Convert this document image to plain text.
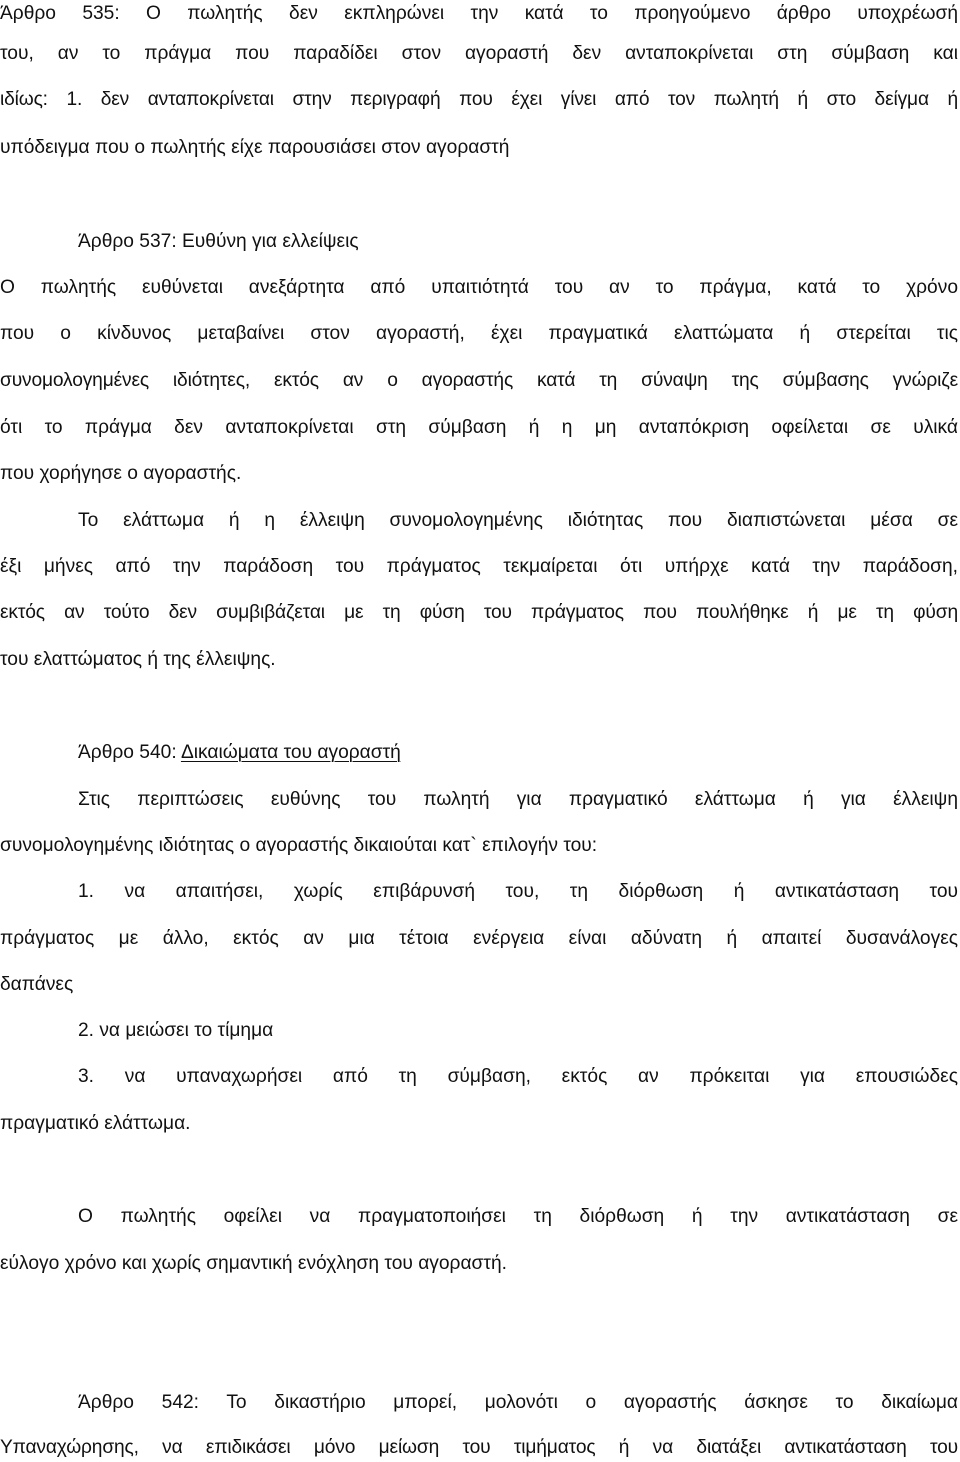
Άρθρο 535: Ο πωλητής δεν εκπληρώνει την κατά το προηγούμενο άρθρο υποχρέωσή
του, αν το πράγμα που παραδίδει στον αγοραστή δεν ανταποκρίνεται στη σύμβαση και
ιδίως: 1. δεν ανταποκρίνεται στην περιγραφή που έχει γίνει από τον πωλητή ή στο δείγμα ή
υπόδειγμα που ο πωλητής είχε παρουσιάσει στον αγοραστή
Άρθρο 537: Ευθύνη για ελλείψεις
Ο πωλητής ευθύνεται ανεξάρτητα από υπαιτιότητά του αν το πράγμα, κατά το χρόνο
που ο κίνδυνος μεταβαίνει στον αγοραστή, έχει πραγματικά ελαττώματα ή στερείται τις
συνομολογημένες ιδιότητες, εκτός αν ο αγοραστής κατά τη σύναψη της σύμβασης γνώριζε
ότι το πράγμα δεν ανταποκρίνεται στη σύμβαση ή η μη ανταπόκριση οφείλεται σε υλικά
που χορήγησε ο αγοραστής.
Το ελάττωμα ή η έλλειψη συνομολογημένης ιδιότητας που διαπιστώνεται μέσα σε
έξι μήνες από την παράδοση του πράγματος τεκμαίρεται ότι υπήρχε κατά την παράδοση,
εκτός αν τούτο δεν συμβιβάζεται με τη φύση του πράγματος που πουλήθηκε ή με τη φύση
του ελαττώματος ή της έλλειψης.
Άρθρο 540: Δικαιώματα του αγοραστή
Στις περιπτώσεις ευθύνης του πωλητή για πραγματικό ελάττωμα ή για έλλειψη
συνομολογημένης ιδιότητας ο αγοραστής δικαιούται κατ` επιλογήν του:
1. να απαιτήσει, χωρίς επιβάρυνσή του, τη διόρθωση ή αντικατάσταση του
πράγματος με άλλο, εκτός αν μια τέτοια ενέργεια είναι αδύνατη ή απαιτεί δυσανάλογες
δαπάνες
2. να μειώσει το τίμημα
3. να υπαναχωρήσει από τη σύμβαση, εκτός αν πρόκειται για επουσιώδες
πραγματικό ελάττωμα.
Ο πωλητής οφείλει να πραγματοποιήσει τη διόρθωση ή την αντικατάσταση σε
εύλογο χρόνο και χωρίς σημαντική ενόχληση του αγοραστή.
Άρθρο 542: Το δικαστήριο μπορεί, μολονότι ο αγοραστής άσκησε το δικαίωμα
Υπαναχώρησης, να επιδικάσει μόνο μείωση του τιμήματος ή να διατάξει αντικατάσταση του
